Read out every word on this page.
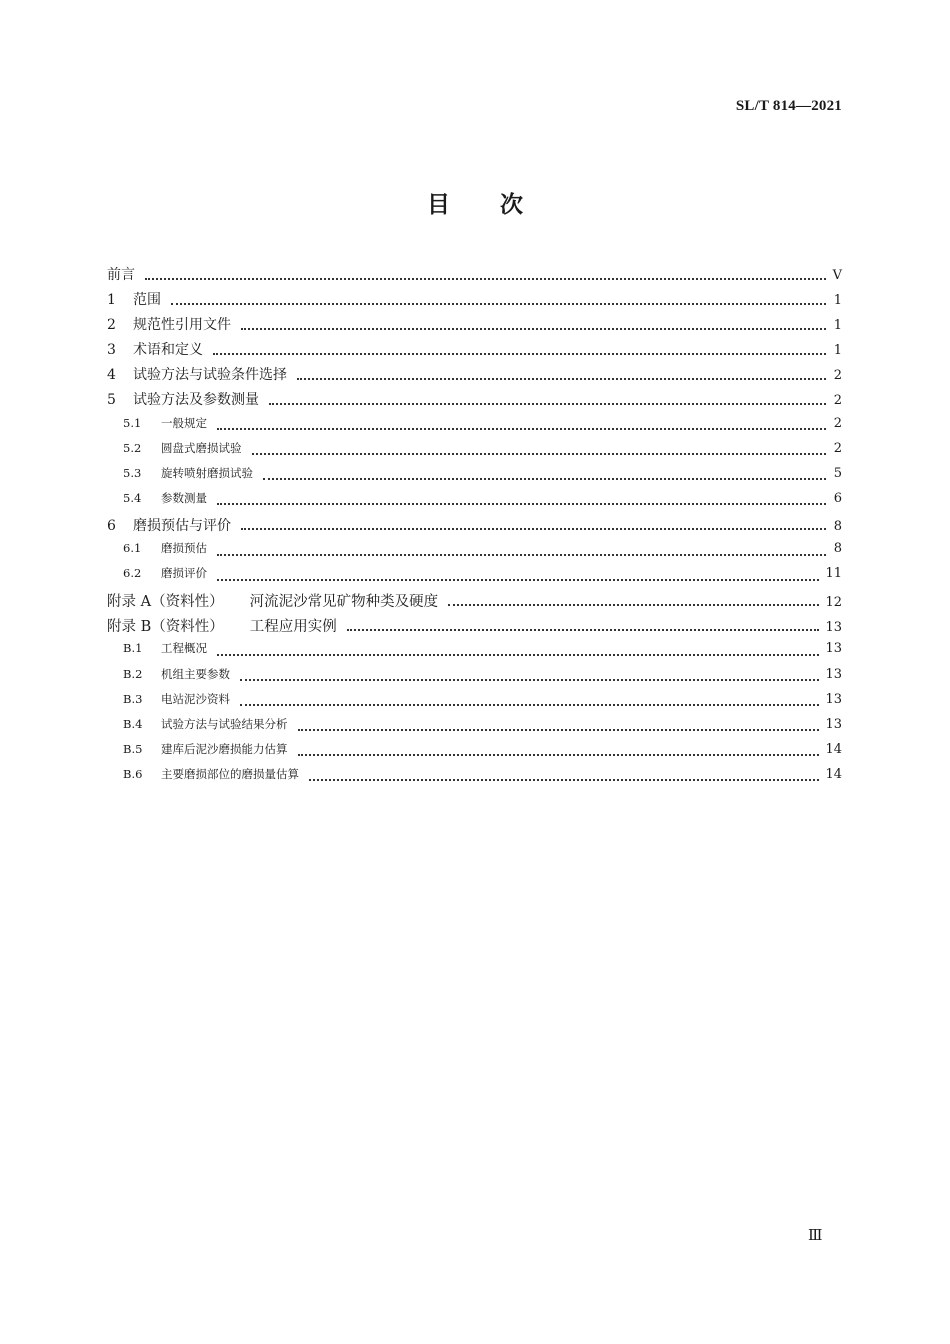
SL/T 814—2021
目 次
前言	Ⅴ
1	范围	1
2	规范性引用文件	1
3	术语和定义	1
4	试验方法与试验条件选择	2
5	试验方法及参数测量	2
5.1	一般规定	2
5.2	圆盘式磨损试验	2
5.3	旋转喷射磨损试验	5
5.4	参数测量	6
6	磨损预估与评价	8
6.1	磨损预估	8
6.2	磨损评价	11
附录 A（资料性） 河流泥沙常见矿物种类及硬度	12
附录 B（资料性） 工程应用实例	13
B.1	工程概况	13
B.2	机组主要参数	13
B.3	电站泥沙资料	13
B.4	试验方法与试验结果分析	13
B.5	建库后泥沙磨损能力估算	14
B.6	主要磨损部位的磨损量估算	14
Ⅲ
